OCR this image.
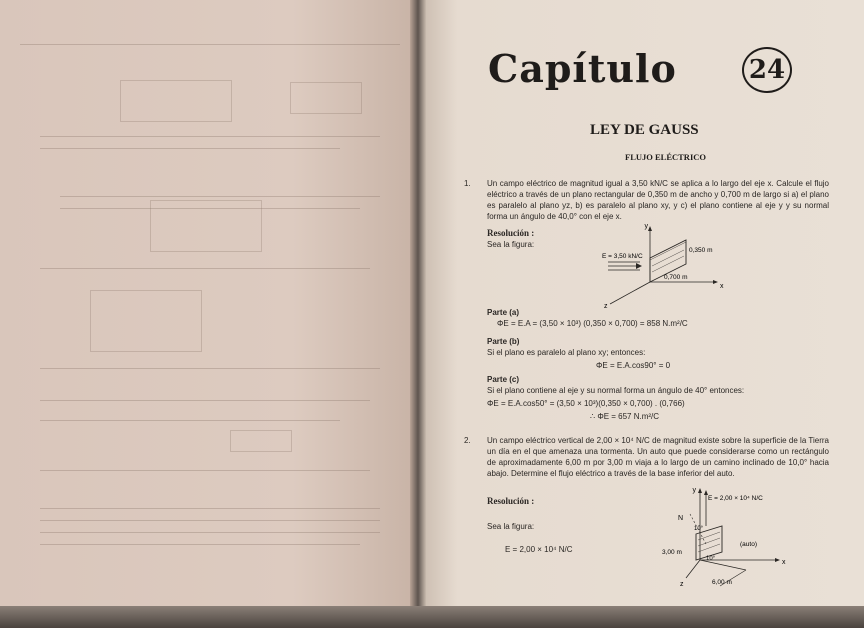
Capítulo	24
LEY DE GAUSS
FLUJO ELÉCTRICO
1. Un campo eléctrico de magnitud igual a 3,50 kN/C se aplica a lo largo del eje x. Calcule el flujo eléctrico a través de un plano rectangular de 0,350 m de ancho y 0,700 m de largo si a) el plano es paralelo al plano yz, b) es paralelo al plano xy, y c) el plano contiene al eje y y su normal forma un ángulo de 40,0° con el eje x.
Resolución :
Sea la figura:
y
x
z
E = 3,50 kN/C
0,350 m
0,700 m
Parte (a)
ΦE = E.A = (3,50 × 10³) (0,350 × 0,700) = 858 N.m²/C
Parte (b)
Si el plano es paralelo al plano xy; entonces:
ΦE = E.A.cos90° = 0
Parte (c)
Si el plano contiene al eje y su normal forma un ángulo de 40° entonces:
ΦE = E.A.cos50° = (3,50 × 10³)(0,350 × 0,700) . (0,766)
∴ ΦE = 657 N.m²/C
2. Un campo eléctrico vertical de 2,00 × 10⁴ N/C de magnitud existe sobre la superficie de la Tierra un día en el que amenaza una tormenta. Un auto que puede considerarse como un rectángulo de aproximadamente 6,00 m por 3,00 m viaja a lo largo de un camino inclinado de 10,0° hacia abajo. Determine el flujo eléctrico a través de la base inferior del auto.
Resolución :
Sea la figura:
E = 2,00 × 10⁴ N/C
E = 2,00 × 10⁴ N/C
y
x
z
N
10°
10°
(auto)
3,00 m
6,00 m
